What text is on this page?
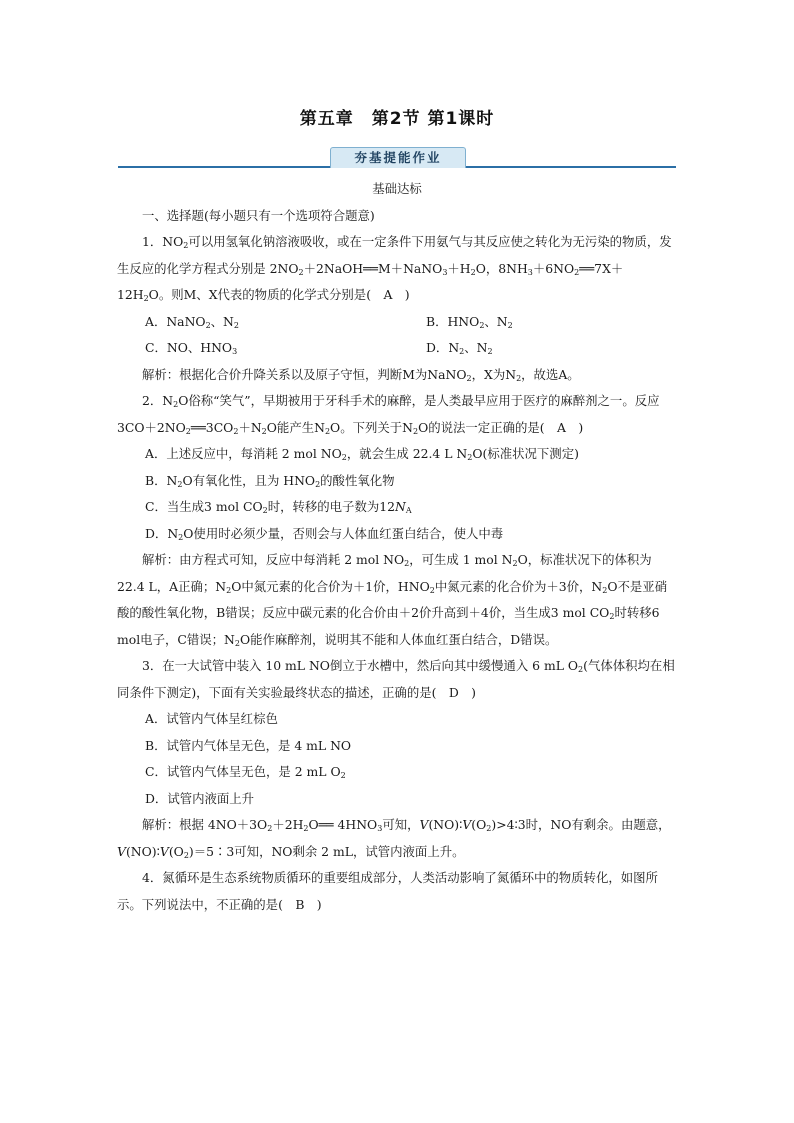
第五章　第2节 第1课时
夯基提能作业

基础达标

一、选择题(每小题只有一个选项符合题意)

1．$NO_2$可以用氢氧化钠溶液吸收，或在一定条件下用氨气与其反应使之转化为无污染的物质，发生反应的化学方程式分别是 $2NO_2+2NaOH══M+NaNO_3+H_2O$，$8NH_3+6NO_2══7X+12H_2O$。则M、X代表的物质的化学式分别是(　A　)

A．NaNO$_2$、$N_2$	B．$HNO_2$、$N_2$

C．NO、$HNO_3$	D．$N_2$、$N_2$

解析：根据化合价升降关系以及原子守恒，判断M为NaNO$_2$，X为$N_2$，故选A。

2．$N_2O$俗称“笑气”，早期被用于牙科手术的麻醉，是人类最早应用于医疗的麻醉剂之一。反应 $3CO+2NO_2══3CO_2+N_2O$能产生$N_2O$。下列关于$N_2O$的说法一定正确的是(　A　)

A．上述反应中，每消耗 2 mol $NO_2$，就会生成 22.4 L $N_2O$(标准状况下测定)

B．$N_2O$有氧化性，且为 $HNO_2$的酸性氧化物

C．当生成3 mol $CO_2$时，转移的电子数为$12N_A$

D．$N_2O$使用时必须少量，否则会与人体血红蛋白结合，使人中毒

解析：由方程式可知，反应中每消耗 2 mol $NO_2$，可生成 1 mol $N_2O$，标准状况下的体积为 22.4 L，A正确；$N_2O$中氮元素的化合价为＋1价，$HNO_2$中氮元素的化合价为＋3价，$N_2O$不是亚硝酸的酸性氧化物，B错误；反应中碳元素的化合价由＋2价升高到＋4价，当生成3 mol $CO_2$时转移6 mol电子，C错误；$N_2O$能作麻醉剂，说明其不能和人体血红蛋白结合，D错误。

3．在一大试管中装入 10 mL NO倒立于水槽中，然后向其中缓慢通入 6 mL $O_2$(气体体积均在相同条件下测定)，下面有关实验最终状态的描述，正确的是(　D　)

A．试管内气体呈红棕色

B．试管内气体呈无色，是 4 mL NO

C．试管内气体呈无色，是 2 mL $O_2$

D．试管内液面上升

解析：根据 $4NO+3O_2+2H_2O══$ $4HNO_3$可知，$V(NO)∶V(O_2)>4∶3$时，NO有剩余。由题意，$V(NO)∶V(O_2)=5∶3$可知，NO剩余 2 mL，试管内液面上升。

4．氮循环是生态系统物质循环的重要组成部分，人类活动影响了氮循环中的物质转化，如图所示。下列说法中，不正确的是(　B　)
